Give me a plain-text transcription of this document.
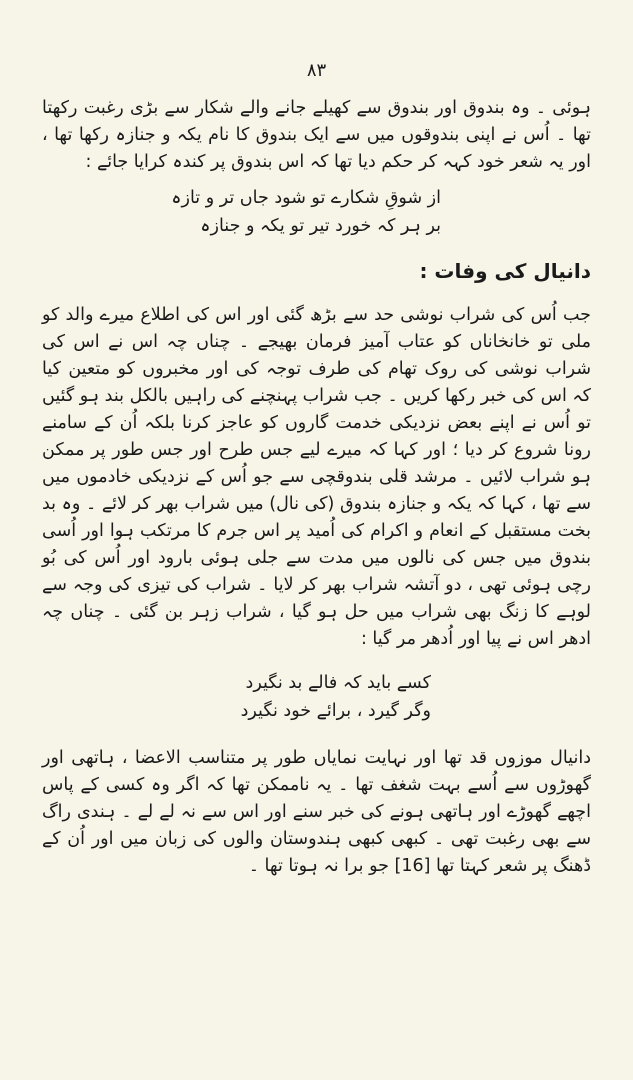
۸۳

ہوئی ۔ وہ بندوق اور بندوق سے کھیلے جانے والے شکار سے بڑی رغبت رکھتا تھا ۔ اُس نے اپنی بندوقوں میں سے ایک بندوق کا نام یکہ و جنازہ رکھا تھا ، اور یہ شعر خود کہہ کر حکم دیا تھا کہ اس بندوق پر کندہ کرایا جائے :

از شوقِ شکارے تو شود جاں تر و تازہ
بر ہر کہ خورد تیر تو یکہ و جنازہ
دانیال کی وفات :

جب اُس کی شراب نوشی حد سے بڑھ گئی اور اس کی اطلاع میرے والد کو ملی تو خانخاناں کو عتاب آمیز فرمان بھیجے ۔ چناں چہ اس نے اس کی شراب نوشی کی روک تھام کی طرف توجہ کی اور مخبروں کو متعین کیا کہ اس کی خبر رکھا کریں ۔ جب شراب پہنچنے کی راہیں بالکل بند ہو گئیں تو اُس نے اپنے بعض نزدیکی خدمت گاروں کو عاجز کرنا بلکہ اُن کے سامنے رونا شروع کر دیا ؛ اور کہا کہ میرے لیے جس طرح اور جس طور پر ممکن ہو شراب لائیں ۔ مرشد قلی بندوقچی سے جو اُس کے نزدیکی خادموں میں سے تھا ، کہا کہ یکہ و جنازہ بندوق (کی نال) میں شراب بھر کر لائے ۔ وہ بد بخت مستقبل کے انعام و اکرام کی اُمید پر اس جرم کا مرتکب ہوا اور اُسی بندوق میں جس کی نالوں میں مدت سے جلی ہوئی بارود اور اُس کی بُو رچی ہوئی تھی ، دو آتشہ شراب بھر کر لایا ۔ شراب کی تیزی کی وجہ سے لوہے کا زنگ بھی شراب میں حل ہو گیا ، شراب زہر بن گئی ۔ چناں چہ ادھر اس نے پیا اور اُدھر مر گیا :

کسے باید کہ فالے بد نگیرد
وگر گیرد ، برائے خود نگیرد

دانیال موزوں قد تھا اور نہایت نمایاں طور پر متناسب الاعضا ، ہاتھی اور گھوڑوں سے اُسے بہت شغف تھا ۔ یہ ناممکن تھا کہ اگر وہ کسی کے پاس اچھے گھوڑے اور ہاتھی ہونے کی خبر سنے اور اس سے نہ لے لے ۔ ہندی راگ سے بھی رغبت تھی ۔ کبھی کبھی ہندوستان والوں کی زبان میں اور اُن کے ڈھنگ پر شعر کہتا تھا [16] جو برا نہ ہوتا تھا ۔
